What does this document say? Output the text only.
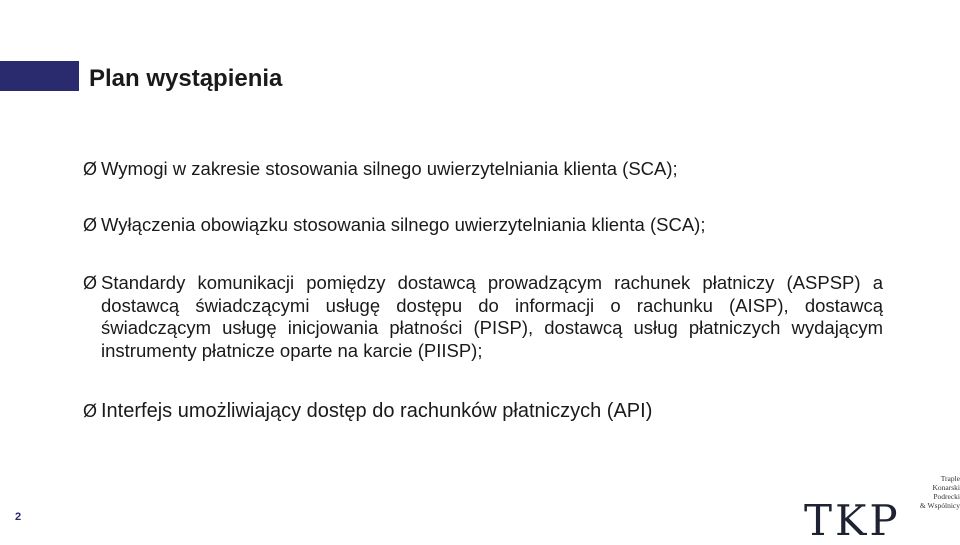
Plan wystąpienia
Ø Wymogi w zakresie stosowania silnego uwierzytelniania klienta (SCA);
Ø Wyłączenia obowiązku stosowania silnego uwierzytelniania klienta (SCA);
Ø Standardy komunikacji pomiędzy dostawcą prowadzącym rachunek płatniczy (ASPSP) a dostawcą świadczącymi usługę dostępu do informacji o rachunku (AISP), dostawcą świadczącym usługę inicjowania płatności (PISP), dostawcą usług płatniczych wydającym instrumenty płatnicze oparte na karcie (PIISP);
Ø Interfejs umożliwiający dostęp do rachunków płatniczych (API)
2
Traple
Konarski
Podrecki
& Wspólnicy
TKP
